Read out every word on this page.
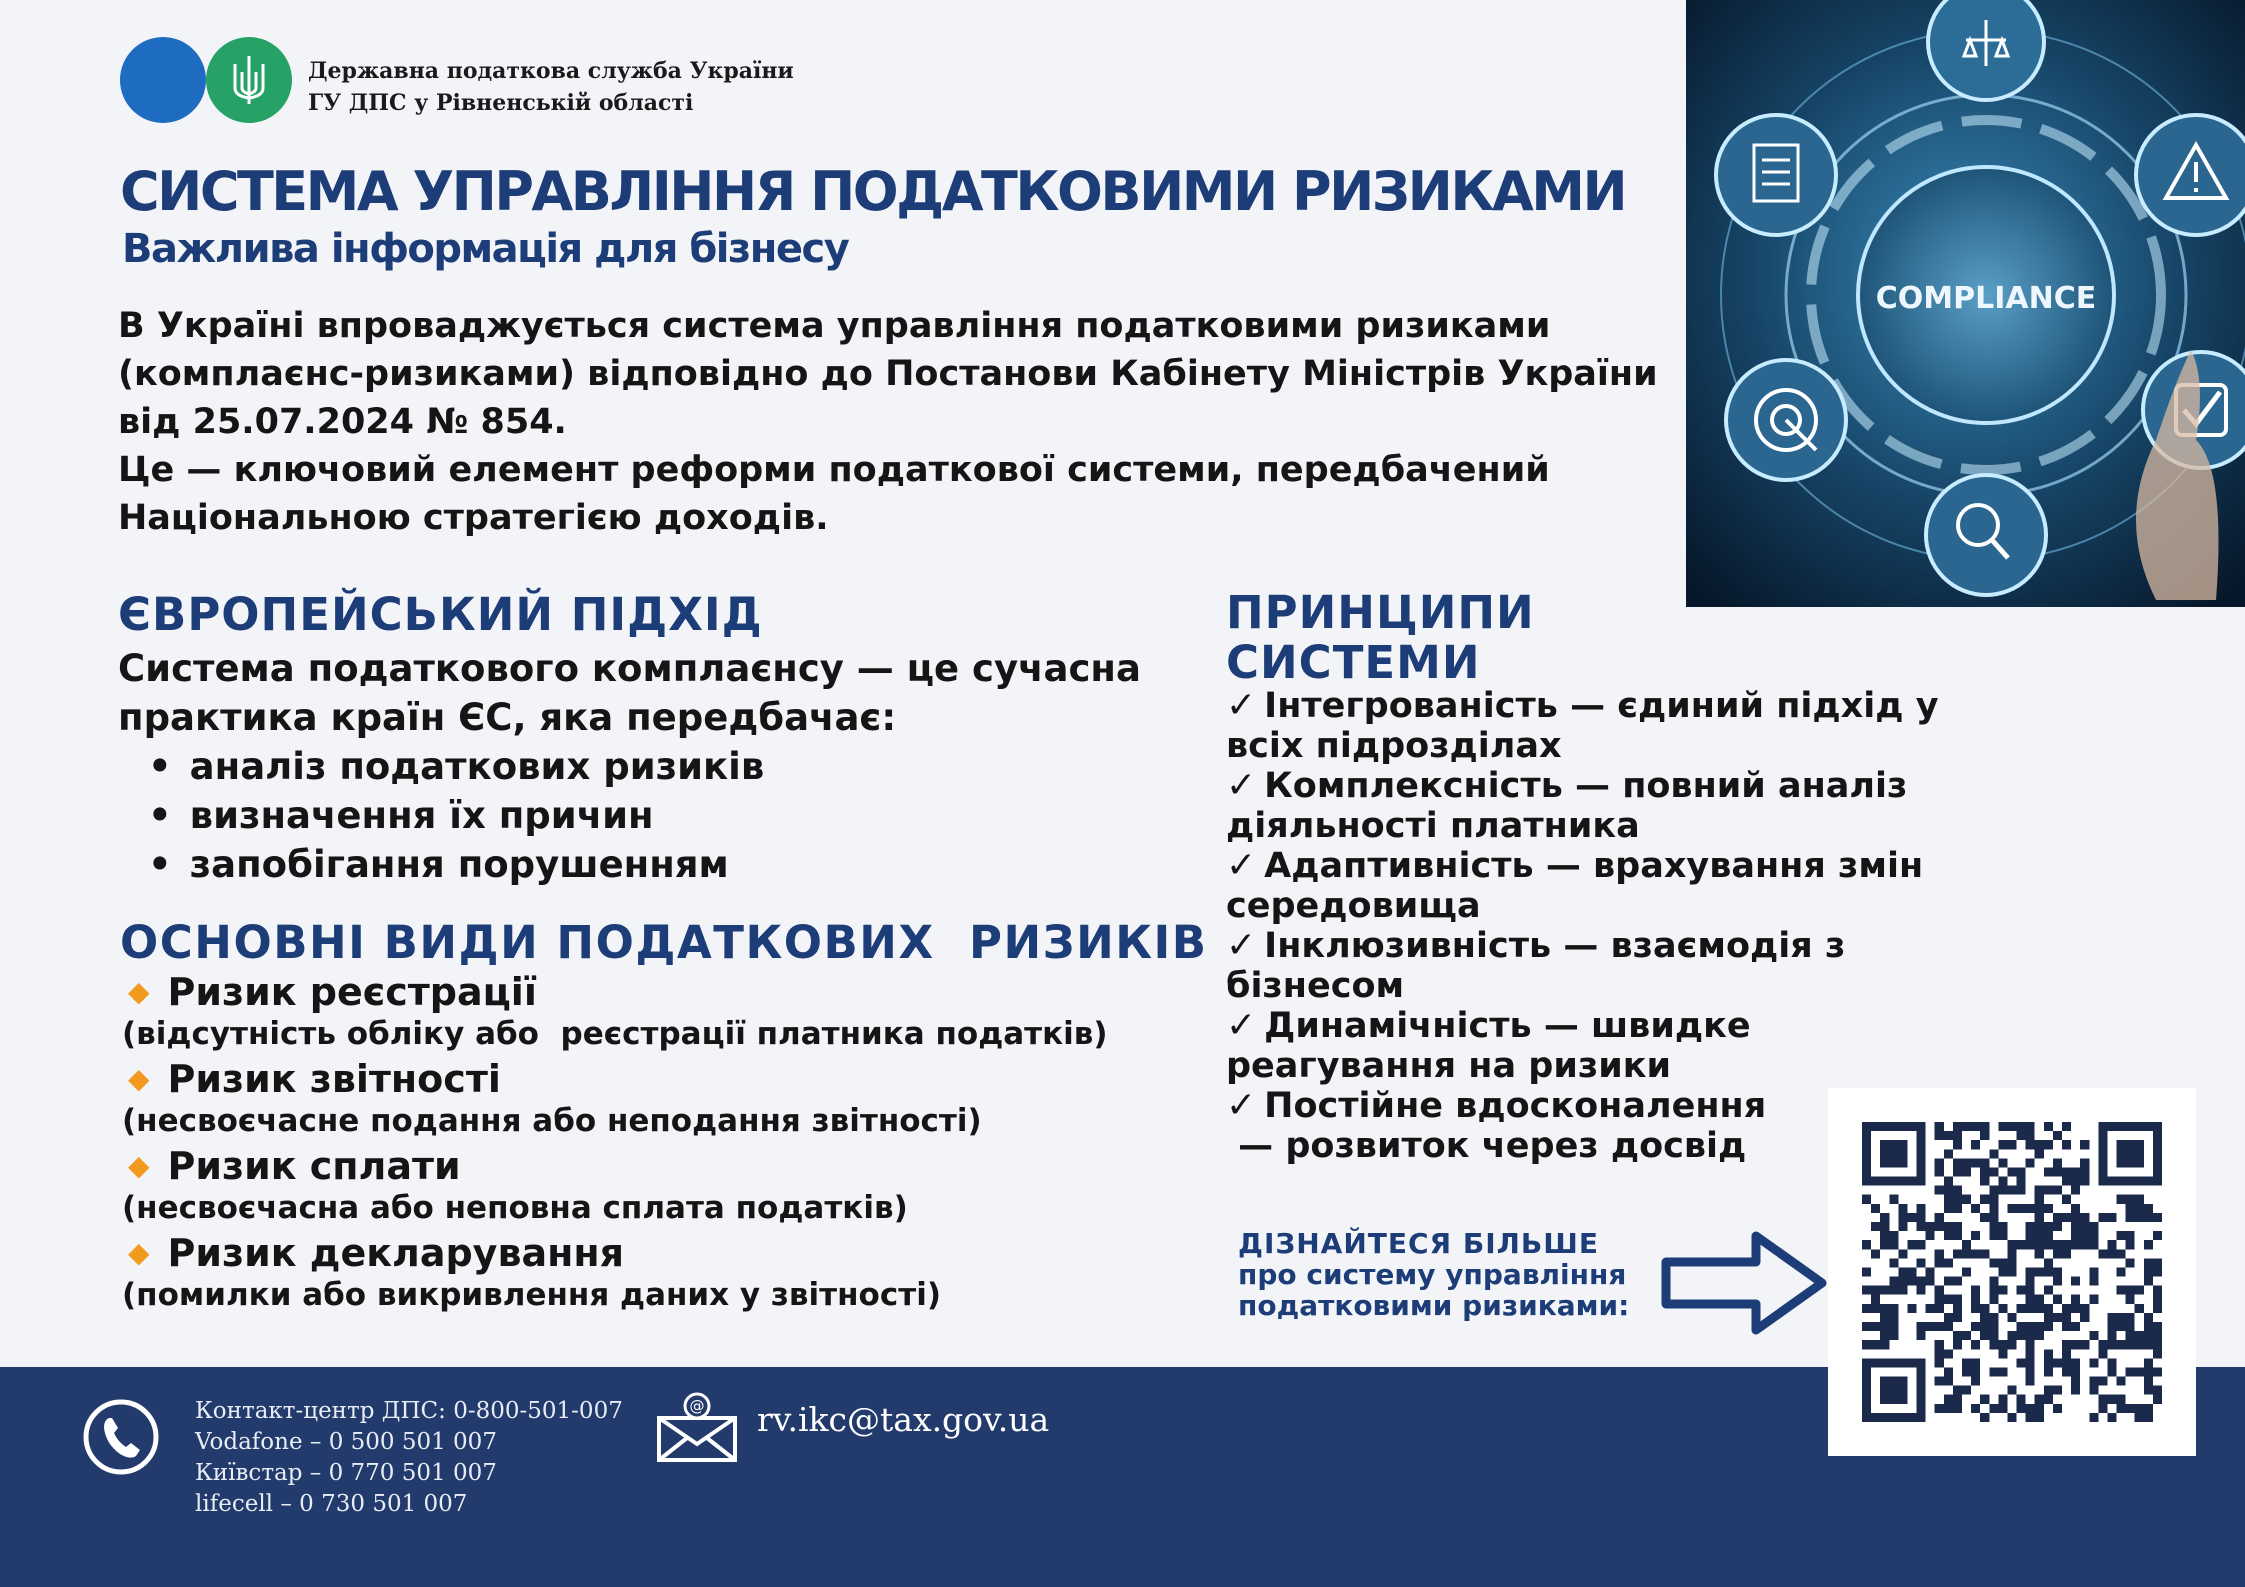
Державна податкова служба України
ГУ ДПС у Рівненській області
СИСТЕМА УПРАВЛІННЯ ПОДАТКОВИМИ РИЗИКАМИ
Важлива інформація для бізнесу
COMPLIANCE

В Україні впроваджується система управління податковими ризиками (комплаєнс-ризиками) відповідно до Постанови Кабінету Міністрів України від 25.07.2024 № 854.

Це — ключовий елемент реформи податкової системи, передбачений Національною стратегією доходів.

ЄВРОПЕЙСЬКИЙ ПІДХІД
Система податкового комплаєнсу — це сучасна практика країн ЄС, яка передбачає:
• аналіз податкових ризиків
• визначення їх причин
• запобігання порушенням
ОСНОВНІ ВИДИ ПОДАТКОВИХ  РИЗИКІВ
◆ Ризик реєстрації
(відсутність обліку або  реєстрації платника податків)
◆ Ризик звітності
(несвоєчасне подання або неподання звітності)
◆ Ризик сплати
(несвоєчасна або неповна сплата податків)
◆ Ризик декларування
(помилки або викривлення даних у звітності)
ПРИНЦИПИ
СИСТЕМИ
✓ Інтегрованість — єдиний підхід у
всіх підрозділах
✓ Комплексність — повний аналіз
діяльності платника
✓ Адаптивність — врахування змін
середовища
✓ Інклюзивність — взаємодія з
бізнесом
✓ Динамічність — швидке
реагування на ризики
✓ Постійне вдосконалення
— розвиток через досвід
ДІЗНАЙТЕСЯ БІЛЬШЕ
про систему управління
податковими ризиками:
Контакт-центр ДПС: 0-800-501-007
Vodafone – 0 500 501 007
Київстар – 0 770 501 007
lifecell – 0 730 501 007
@ rv.ikc@tax.gov.ua
